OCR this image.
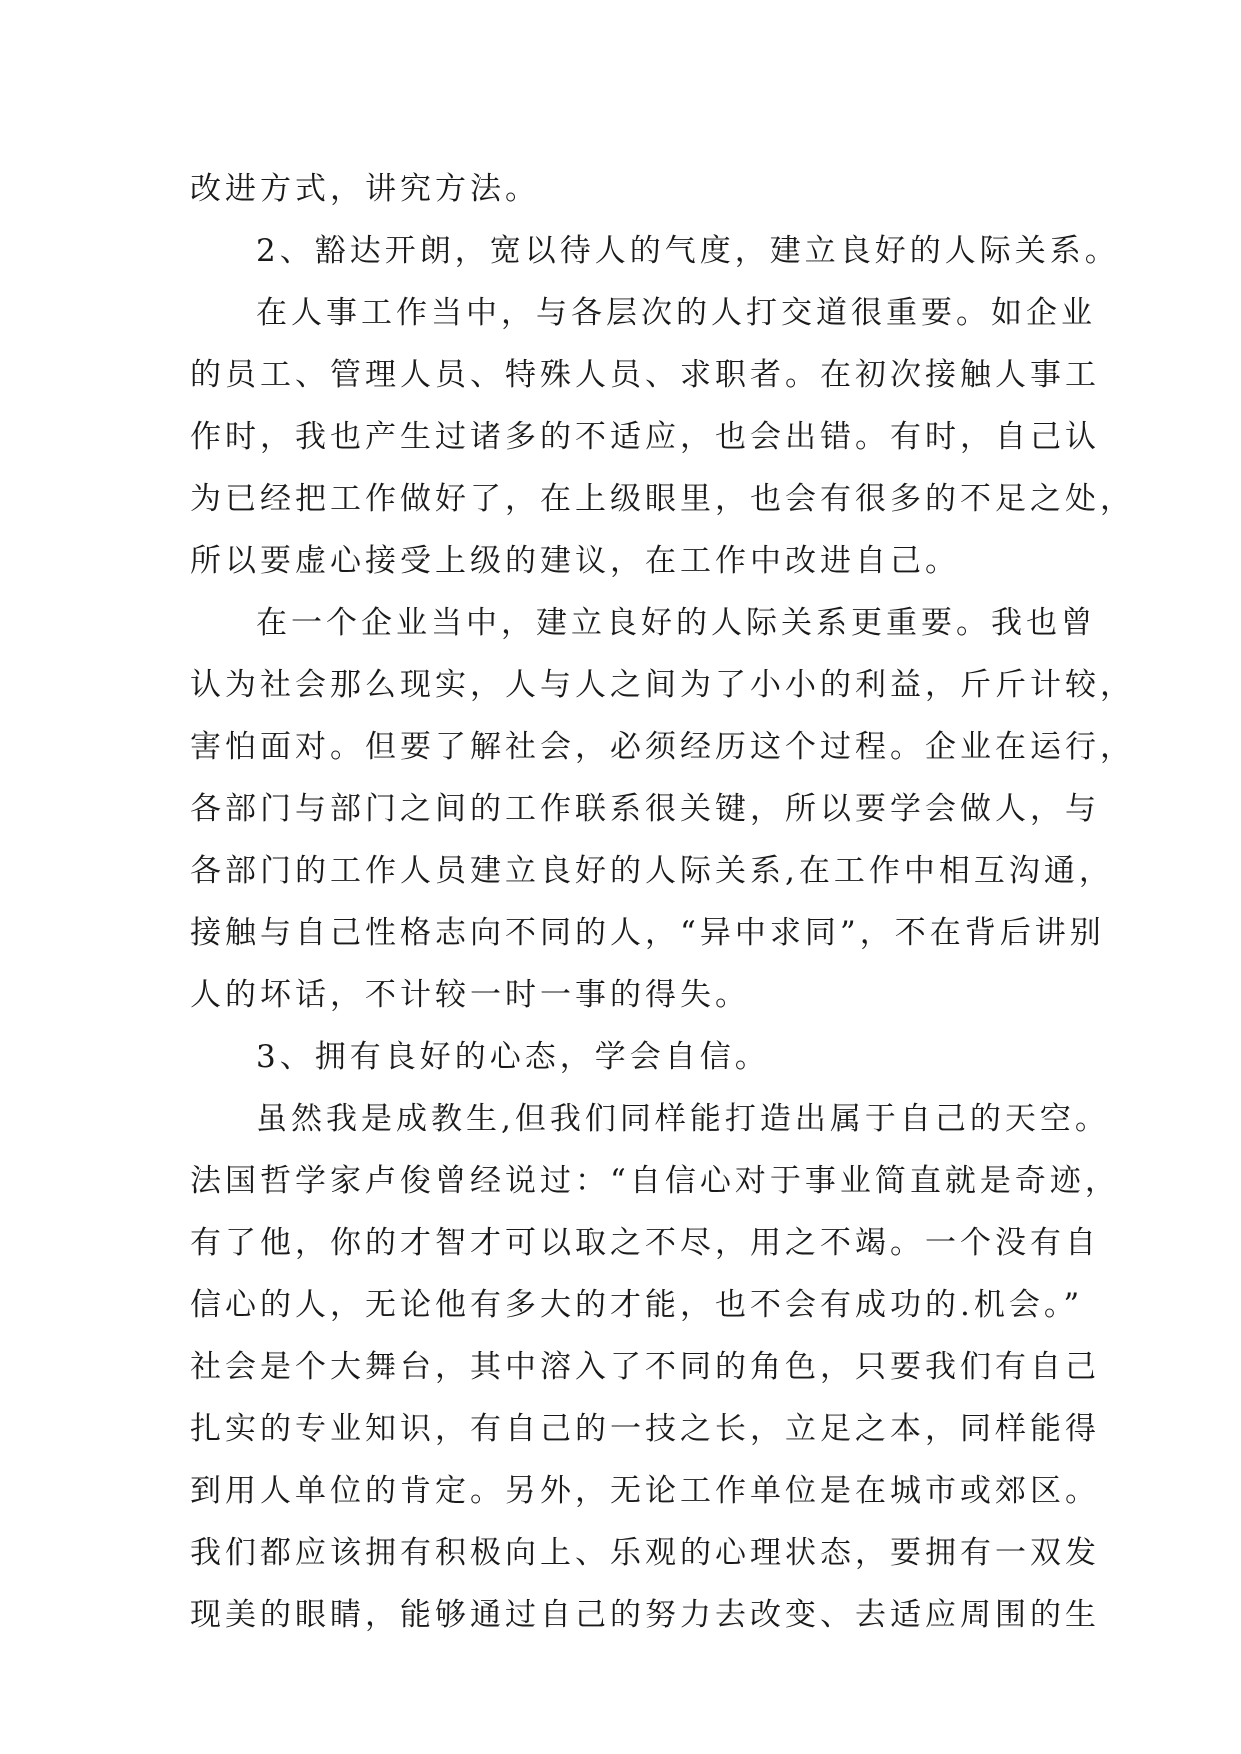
改进方式，讲究方法。
2、豁达开朗，宽以待人的气度，建立良好的人际关系。
在人事工作当中，与各层次的人打交道很重要。如企业
的员工、管理人员、特殊人员、求职者。在初次接触人事工
作时，我也产生过诸多的不适应，也会出错。有时，自己认
为已经把工作做好了，在上级眼里，也会有很多的不足之处，
所以要虚心接受上级的建议，在工作中改进自己。
在一个企业当中，建立良好的人际关系更重要。我也曾
认为社会那么现实，人与人之间为了小小的利益，斤斤计较，
害怕面对。但要了解社会，必须经历这个过程。企业在运行，
各部门与部门之间的工作联系很关键，所以要学会做人，与
各部门的工作人员建立良好的人际关系,在工作中相互沟通，
接触与自己性格志向不同的人，“异中求同”，不在背后讲别
人的坏话，不计较一时一事的得失。
3、拥有良好的心态，学会自信。
虽然我是成教生,但我们同样能打造出属于自己的天空。
法国哲学家卢俊曾经说过：“自信心对于事业简直就是奇迹，
有了他，你的才智才可以取之不尽，用之不竭。一个没有自
信心的人，无论他有多大的才能，也不会有成功的.机会。”
社会是个大舞台，其中溶入了不同的角色，只要我们有自己
扎实的专业知识，有自己的一技之长，立足之本，同样能得
到用人单位的肯定。另外，无论工作单位是在城市或郊区。
我们都应该拥有积极向上、乐观的心理状态，要拥有一双发
现美的眼睛，能够通过自己的努力去改变、去适应周围的生
